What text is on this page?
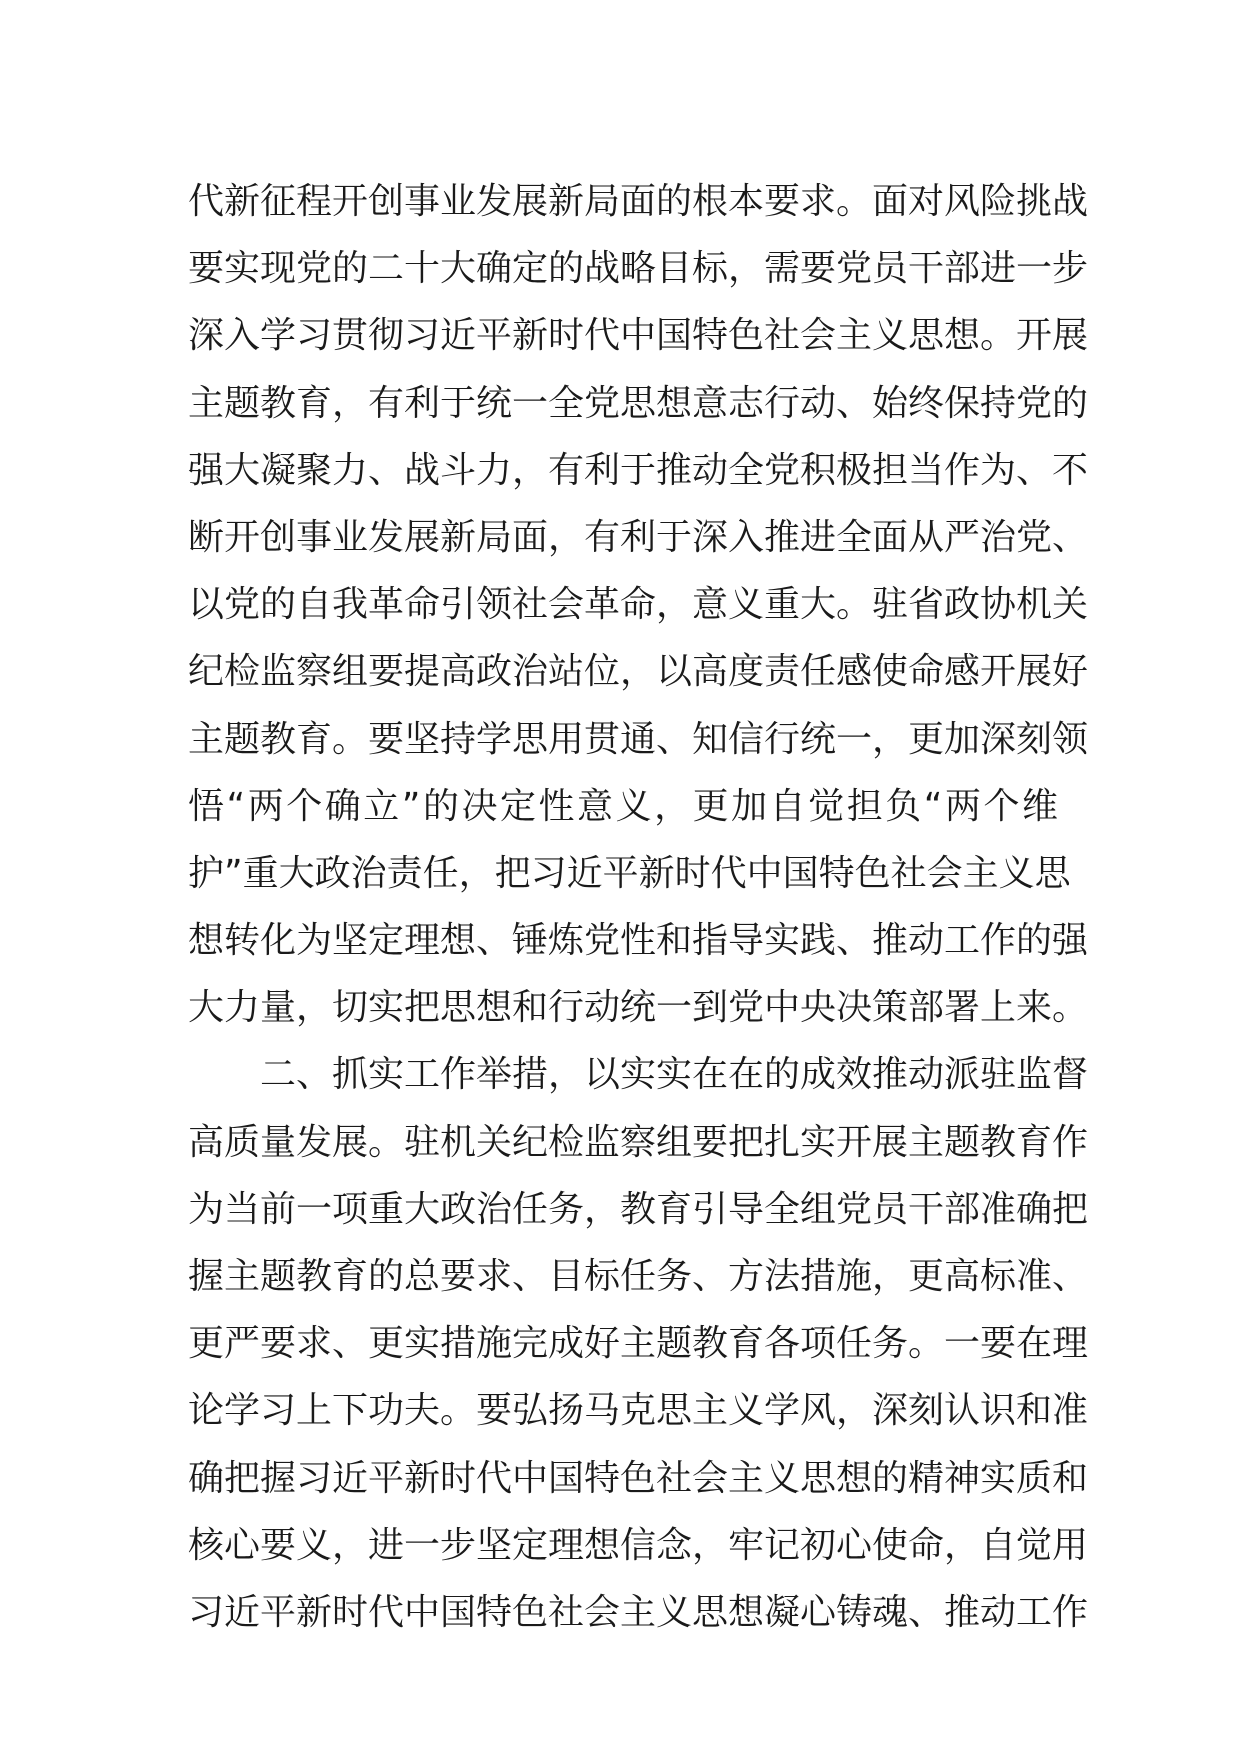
代新征程开创事业发展新局面的根本要求。面对风险挑战
要实现党的二十大确定的战略目标，需要党员干部进一步
深入学习贯彻习近平新时代中国特色社会主义思想。开展
主题教育，有利于统一全党思想意志行动、始终保持党的
强大凝聚力、战斗力，有利于推动全党积极担当作为、不
断开创事业发展新局面，有利于深入推进全面从严治党、
以党的自我革命引领社会革命，意义重大。驻省政协机关
纪检监察组要提高政治站位，以高度责任感使命感开展好
主题教育。要坚持学思用贯通、知信行统一，更加深刻领
悟“两个确立”的决定性意义，更加自觉担负“两个维
护”重大政治责任，把习近平新时代中国特色社会主义思
想转化为坚定理想、锤炼党性和指导实践、推动工作的强
大力量，切实把思想和行动统一到党中央决策部署上来。
二、抓实工作举措，以实实在在的成效推动派驻监督
高质量发展。驻机关纪检监察组要把扎实开展主题教育作
为当前一项重大政治任务，教育引导全组党员干部准确把
握主题教育的总要求、目标任务、方法措施，更高标准、
更严要求、更实措施完成好主题教育各项任务。一要在理
论学习上下功夫。要弘扬马克思主义学风，深刻认识和准
确把握习近平新时代中国特色社会主义思想的精神实质和
核心要义，进一步坚定理想信念，牢记初心使命，自觉用
习近平新时代中国特色社会主义思想凝心铸魂、推动工作
